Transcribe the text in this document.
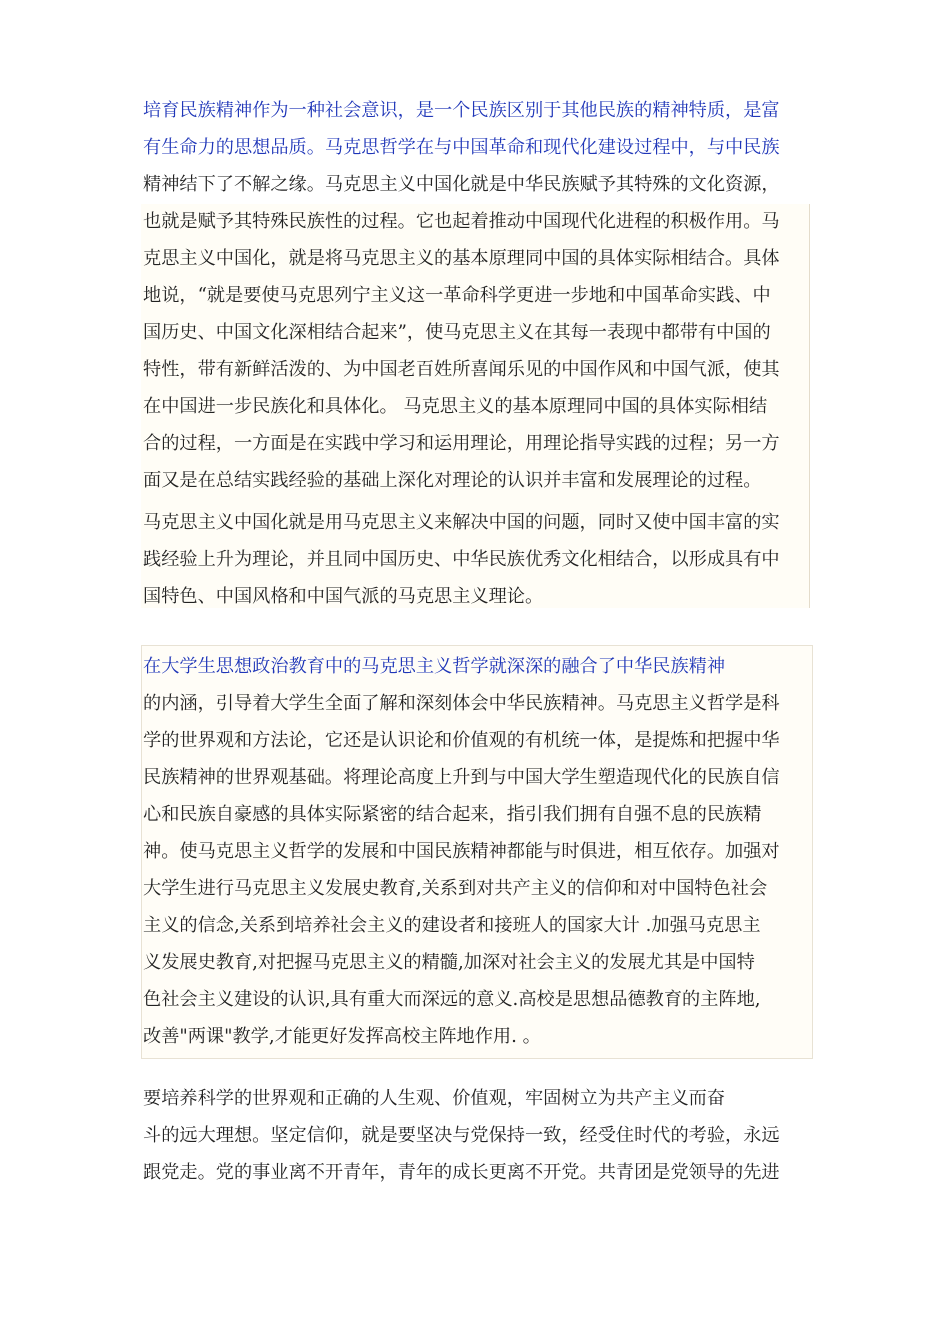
培育民族精神作为一种社会意识，是一个民族区别于其他民族的精神特质，是富
有生命力的思想品质。马克思哲学在与中国革命和现代化建设过程中，与中民族
精神结下了不解之缘。马克思主义中国化就是中华民族赋予其特殊的文化资源，
也就是赋予其特殊民族性的过程。它也起着推动中国现代化进程的积极作用。马
克思主义中国化，就是将马克思主义的基本原理同中国的具体实际相结合。具体
地说，“就是要使马克思列宁主义这一革命科学更进一步地和中国革命实践、中
国历史、中国文化深相结合起来”，使马克思主义在其每一表现中都带有中国的
特性，带有新鲜活泼的、为中国老百姓所喜闻乐见的中国作风和中国气派，使其
在中国进一步民族化和具体化。 马克思主义的基本原理同中国的具体实际相结
合的过程，一方面是在实践中学习和运用理论，用理论指导实践的过程；另一方
面又是在总结实践经验的基础上深化对理论的认识并丰富和发展理论的过程。
马克思主义中国化就是用马克思主义来解决中国的问题，同时又使中国丰富的实
践经验上升为理论，并且同中国历史、中华民族优秀文化相结合，以形成具有中
国特色、中国风格和中国气派的马克思主义理论。
在大学生思想政治教育中的马克思主义哲学就深深的融合了中华民族精神
的内涵，引导着大学生全面了解和深刻体会中华民族精神。马克思主义哲学是科
学的世界观和方法论，它还是认识论和价值观的有机统一体，是提炼和把握中华
民族精神的世界观基础。将理论高度上升到与中国大学生塑造现代化的民族自信
心和民族自豪感的具体实际紧密的结合起来，指引我们拥有自强不息的民族精
神。使马克思主义哲学的发展和中国民族精神都能与时俱进，相互依存。加强对
大学生进行马克思主义发展史教育,关系到对共产主义的信仰和对中国特色社会
主义的信念,关系到培养社会主义的建设者和接班人的国家大计 .加强马克思主
义发展史教育,对把握马克思主义的精髓,加深对社会主义的发展尤其是中国特
色社会主义建设的认识,具有重大而深远的意义.高校是思想品德教育的主阵地,
改善"两课"教学,才能更好发挥高校主阵地作用. 。
要培养科学的世界观和正确的人生观、价值观，牢固树立为共产主义而奋
斗的远大理想。坚定信仰，就是要坚决与党保持一致，经受住时代的考验，永远
跟党走。党的事业离不开青年，青年的成长更离不开党。共青团是党领导的先进
